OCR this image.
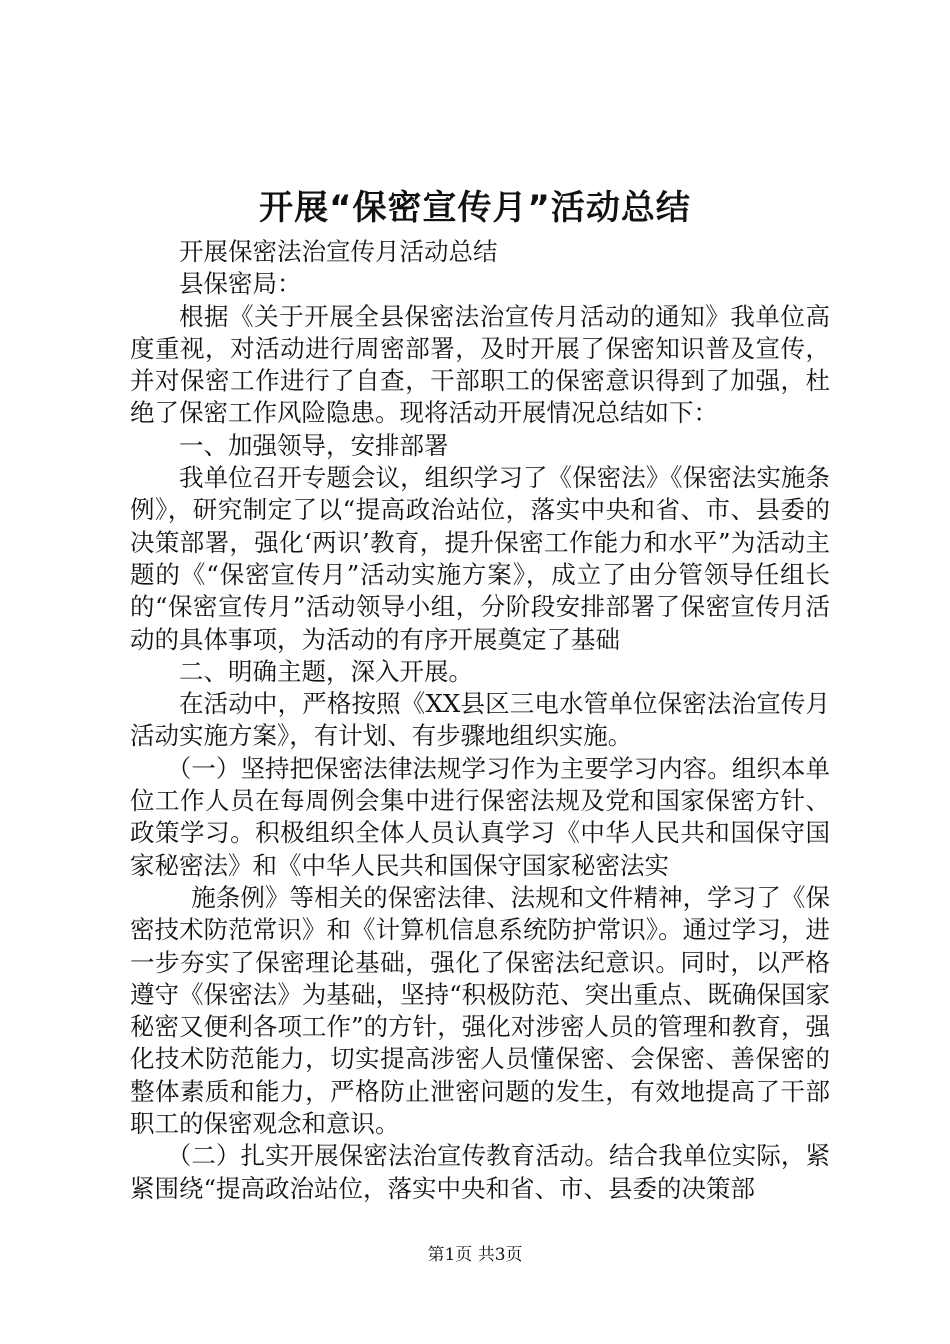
开展“保密宣传月”活动总结

开展保密法治宣传月活动总结

县保密局：

根据《关于开展全县保密法治宣传月活动的通知》我单位高度重视，对活动进行周密部署，及时开展了保密知识普及宣传，并对保密工作进行了自查，干部职工的保密意识得到了加强，杜绝了保密工作风险隐患。现将活动开展情况总结如下：

一、加强领导，安排部署

我单位召开专题会议，组织学习了《保密法》《保密法实施条例》，研究制定了以“提高政治站位，落实中央和省、市、县委的决策部署，强化‘两识’教育，提升保密工作能力和水平”为活动主题的《“保密宣传月”活动实施方案》，成立了由分管领导任组长的“保密宣传月”活动领导小组，分阶段安排部署了保密宣传月活动的具体事项，为活动的有序开展奠定了基础

二、明确主题，深入开展。

在活动中，严格按照《XX县区三电水管单位保密法治宣传月活动实施方案》，有计划、有步骤地组织实施。

（一）坚持把保密法律法规学习作为主要学习内容。组织本单位工作人员在每周例会集中进行保密法规及党和国家保密方针、政策学习。积极组织全体人员认真学习《中华人民共和国保守国家秘密法》和《中华人民共和国保守国家秘密法实

施条例》等相关的保密法律、法规和文件精神，学习了《保密技术防范常识》和《计算机信息系统防护常识》。通过学习，进一步夯实了保密理论基础，强化了保密法纪意识。同时，以严格遵守《保密法》为基础，坚持“积极防范、突出重点、既确保国家秘密又便利各项工作”的方针，强化对涉密人员的管理和教育，强化技术防范能力，切实提高涉密人员懂保密、会保密、善保密的整体素质和能力，严格防止泄密问题的发生，有效地提高了干部职工的保密观念和意识。

（二）扎实开展保密法治宣传教育活动。结合我单位实际，紧紧围绕“提高政治站位，落实中央和省、市、县委的决策部

第1页 共3页
